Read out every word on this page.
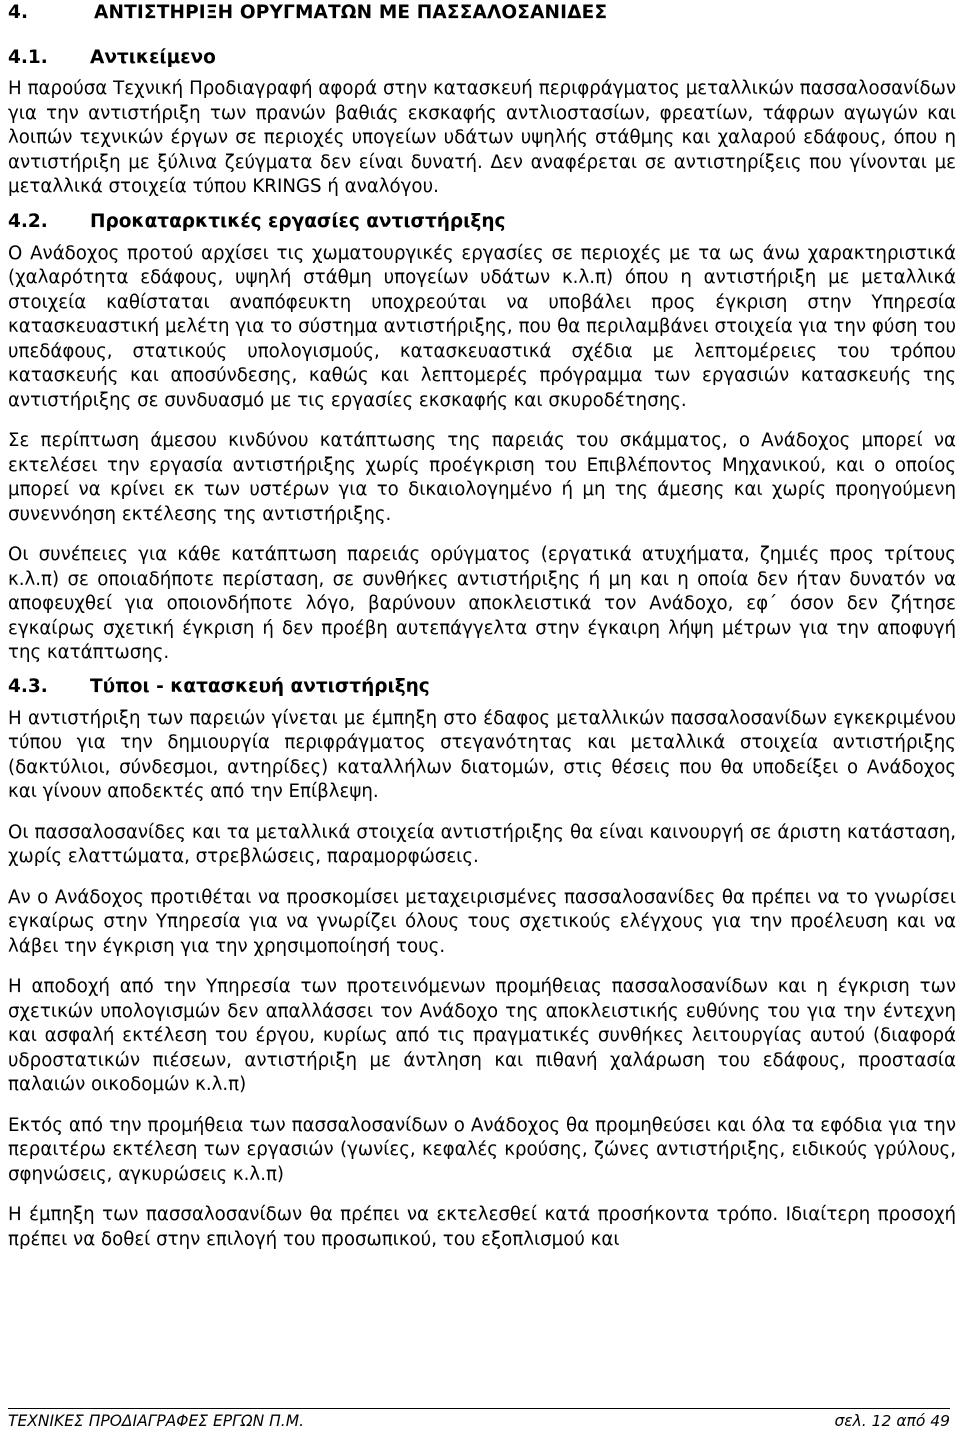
4.	ΑΝΤΙΣΤΗΡΙΞΗ ΟΡΥΓΜΑΤΩΝ ΜΕ ΠΑΣΣΑΛΟΣΑΝΙΔΕΣ
4.1. Αντικείμενο

Η παρούσα Τεχνική Προδιαγραφή αφορά στην κατασκευή περιφράγματος μεταλλικών πασσαλοσανίδων για την αντιστήριξη των πρανών βαθιάς εκσκαφής αντλιοστασίων, φρεατίων, τάφρων αγωγών και λοιπών τεχνικών έργων σε περιοχές υπογείων υδάτων υψηλής στάθμης και χαλαρού εδάφους, όπου η αντιστήριξη με ξύλινα ζεύγματα δεν είναι δυνατή. Δεν αναφέρεται σε αντιστηρίξεις που γίνονται με μεταλλικά στοιχεία τύπου KRINGS ή αναλόγου.

4.2. Προκαταρκτικές εργασίες αντιστήριξης

Ο Ανάδοχος προτού αρχίσει τις χωματουργικές εργασίες σε περιοχές με τα ως άνω χαρακτηριστικά (χαλαρότητα εδάφους, υψηλή στάθμη υπογείων υδάτων κ.λ.π) όπου η αντιστήριξη με μεταλλικά στοιχεία καθίσταται αναπόφευκτη υποχρεούται να υποβάλει προς έγκριση στην Υπηρεσία κατασκευαστική μελέτη για το σύστημα αντιστήριξης, που θα περιλαμβάνει στοιχεία για την φύση του υπεδάφους, στατικούς υπολογισμούς, κατασκευαστικά σχέδια με λεπτομέρειες του τρόπου κατασκευής και αποσύνδεσης, καθώς και λεπτομερές πρόγραμμα των εργασιών κατασκευής της αντιστήριξης σε συνδυασμό με τις εργασίες εκσκαφής και σκυροδέτησης.

Σε περίπτωση άμεσου κινδύνου κατάπτωσης της παρειάς του σκάμματος, ο Ανάδοχος μπορεί να εκτελέσει την εργασία αντιστήριξης χωρίς προέγκριση του Επιβλέποντος Μηχανικού, και ο οποίος μπορεί να κρίνει εκ των υστέρων για το δικαιολογημένο ή μη της άμεσης και χωρίς προηγούμενη συνεννόηση εκτέλεσης της αντιστήριξης.

Οι συνέπειες για κάθε κατάπτωση παρειάς ορύγματος (εργατικά ατυχήματα, ζημιές προς τρίτους κ.λ.π) σε οποιαδήποτε περίσταση, σε συνθήκες αντιστήριξης ή μη και η οποία δεν ήταν δυνατόν να αποφευχθεί για οποιονδήποτε λόγο, βαρύνουν αποκλειστικά τον Ανάδοχο, εφ΄ όσον δεν ζήτησε εγκαίρως σχετική έγκριση ή δεν προέβη αυτεπάγγελτα στην έγκαιρη λήψη μέτρων για την αποφυγή της κατάπτωσης.

4.3. Τύποι - κατασκευή αντιστήριξης

Η αντιστήριξη των παρειών γίνεται με έμπηξη στο έδαφος μεταλλικών πασσαλοσανίδων εγκεκριμένου τύπου για την δημιουργία περιφράγματος στεγανότητας και μεταλλικά στοιχεία αντιστήριξης (δακτύλιοι, σύνδεσμοι, αντηρίδες) καταλλήλων διατομών, στις θέσεις που θα υποδείξει ο Ανάδοχος και γίνουν αποδεκτές από την Επίβλεψη.

Οι πασσαλοσανίδες και τα μεταλλικά στοιχεία αντιστήριξης θα είναι καινουργή σε άριστη κατάσταση, χωρίς ελαττώματα, στρεβλώσεις, παραμορφώσεις.

Αν ο Ανάδοχος προτιθέται να προσκομίσει μεταχειρισμένες πασσαλοσανίδες θα πρέπει να το γνωρίσει εγκαίρως στην Υπηρεσία για να γνωρίζει όλους τους σχετικούς ελέγχους για την προέλευση και να λάβει την έγκριση για την χρησιμοποίησή τους.

Η αποδοχή από την Υπηρεσία των προτεινόμενων προμήθειας πασσαλοσανίδων και η έγκριση των σχετικών υπολογισμών δεν απαλλάσσει τον Ανάδοχο της αποκλειστικής ευθύνης του για την έντεχνη και ασφαλή εκτέλεση του έργου, κυρίως από τις πραγματικές συνθήκες λειτουργίας αυτού (διαφορά υδροστατικών πιέσεων, αντιστήριξη με άντληση και πιθανή χαλάρωση του εδάφους, προστασία παλαιών οικοδομών κ.λ.π)

Εκτός από την προμήθεια των πασσαλοσανίδων ο Ανάδοχος θα προμηθεύσει και όλα τα εφόδια για την περαιτέρω εκτέλεση των εργασιών (γωνίες, κεφαλές κρούσης, ζώνες αντιστήριξης, ειδικούς γρύλους, σφηνώσεις, αγκυρώσεις κ.λ.π)

Η έμπηξη των πασσαλοσανίδων θα πρέπει να εκτελεσθεί κατά προσήκοντα τρόπο. Ιδιαίτερη προσοχή πρέπει να δοθεί στην επιλογή του προσωπικού, του εξοπλισμού και

ΤΕΧΝΙΚΕΣ ΠΡΟΔΙΑΓΡΑΦΕΣ ΕΡΓΩΝ Π.Μ.	σελ. 12 από 49
